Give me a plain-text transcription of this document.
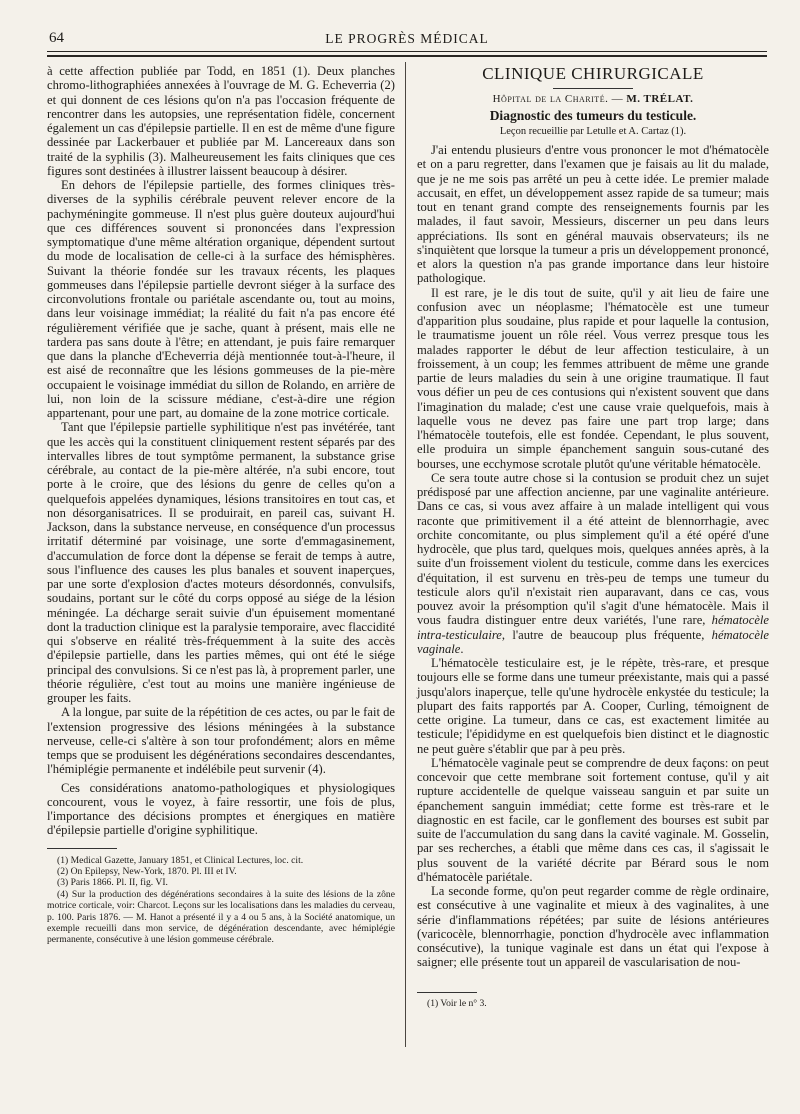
64	LE PROGRÈS MÉDICAL

à cette affection publiée par Todd, en 1851 (1). Deux planches chromo-lithographiées annexées à l'ouvrage de M. G. Echeverria (2) et qui donnent de ces lésions qu'on n'a pas l'occasion fréquente de rencontrer dans les autopsies, une représentation fidèle, concernent également un cas d'épilepsie partielle. Il en est de même d'une figure dessinée par Lackerbauer et publiée par M. Lancereaux dans son traité de la syphilis (3). Malheureusement les faits cliniques que ces figures sont destinées à illustrer laissent beaucoup à désirer.

En dehors de l'épilepsie partielle, des formes cliniques très-diverses de la syphilis cérébrale peuvent relever encore de la pachyméningite gommeuse. Il n'est plus guère douteux aujourd'hui que ces différences souvent si prononcées dans l'expression symptomatique d'une même altération organique, dépendent surtout du mode de localisation de celle-ci à la surface des hémisphères. Suivant la théorie fondée sur les travaux récents, les plaques gommeuses dans l'épilepsie partielle devront siéger à la surface des circonvolutions frontale ou pariétale ascendante ou, tout au moins, dans leur voisinage immédiat; la réalité du fait n'a pas encore été régulièrement vérifiée que je sache, quant à présent, mais elle ne tardera pas sans doute à l'être; en attendant, je puis faire remarquer que dans la planche d'Echeverria déjà mentionnée tout-à-l'heure, il est aisé de reconnaître que les lésions gommeuses de la pie-mère occupaient le voisinage immédiat du sillon de Rolando, en arrière de lui, non loin de la scissure médiane, c'est-à-dire une région appartenant, pour une part, au domaine de la zone motrice corticale.

Tant que l'épilepsie partielle syphilitique n'est pas invétérée, tant que les accès qui la constituent cliniquement restent séparés par des intervalles libres de tout symptôme permanent, la substance grise cérébrale, au contact de la pie-mère altérée, n'a subi encore, tout porte à le croire, que des lésions du genre de celles qu'on a quelquefois appelées dynamiques, lésions transitoires en tout cas, et non désorganisatrices. Il se produirait, en pareil cas, suivant H. Jackson, dans la substance nerveuse, en conséquence d'un processus irritatif déterminé par voisinage, une sorte d'emmagasinement, d'accumulation de force dont la dépense se ferait de temps à autre, sous l'influence des causes les plus banales et souvent inaperçues, par une sorte d'explosion d'actes moteurs désordonnés, convulsifs, soudains, portant sur le côté du corps opposé au siége de la lésion méningée. La décharge serait suivie d'un épuisement momentané dont la traduction clinique est la paralysie temporaire, avec flaccidité qui s'observe en réalité très-fréquemment à la suite des accès d'épilepsie partielle, dans les parties mêmes, qui ont été le siége principal des convulsions. Si ce n'est pas là, à proprement parler, une théorie régulière, c'est tout au moins une manière ingénieuse de grouper les faits.

A la longue, par suite de la répétition de ces actes, ou par le fait de l'extension progressive des lésions méningées à la substance nerveuse, celle-ci s'altère à son tour profondément; alors en même temps que se produisent les dégénérations secondaires descendantes, l'hémiplégie permanente et indélébile peut survenir (4).

Ces considérations anatomo-pathologiques et physiologiques concourent, vous le voyez, à faire ressortir, une fois de plus, l'importance des décisions promptes et énergiques en matière d'épilepsie partielle d'origine syphilitique.

(1) Medical Gazette, January 1851, et Clinical Lectures, loc. cit.

(2) On Epilepsy, New-York, 1870. Pl. III et IV.

(3) Paris 1866. Pl. II, fig. VI.

(4) Sur la production des dégénérations secondaires à la suite des lésions de la zône motrice corticale, voir: Charcot. Leçons sur les localisations dans les maladies du cerveau, p. 100. Paris 1876. — M. Hanot a présenté il y a 4 ou 5 ans, à la Société anatomique, un exemple recueilli dans mon service, de dégénération descendante, avec hémiplégie permanente, consécutive à une lésion gommeuse cérébrale.

CLINIQUE CHIRURGICALE
Hôpital de la Charité. — M. TRÉLAT.
Diagnostic des tumeurs du testicule.
Leçon recueillie par Letulle et A. Cartaz (1).

J'ai entendu plusieurs d'entre vous prononcer le mot d'hématocèle et on a paru regretter, dans l'examen que je faisais au lit du malade, que je ne me sois pas arrêté un peu à cette idée. Le premier malade accusait, en effet, un développement assez rapide de sa tumeur; mais tout en tenant grand compte des renseignements fournis par les malades, il faut savoir, Messieurs, discerner un peu dans leurs appréciations. Ils sont en général mauvais observateurs; ils ne s'inquiètent que lorsque la tumeur a pris un développement prononcé, et alors la question n'a pas grande importance dans leur histoire pathologique.

Il est rare, je le dis tout de suite, qu'il y ait lieu de faire une confusion avec un néoplasme; l'hématocèle est une tumeur d'apparition plus soudaine, plus rapide et pour laquelle la contusion, le traumatisme jouent un rôle réel. Vous verrez presque tous les malades rapporter le début de leur affection testiculaire, à un froissement, à un coup; les femmes attribuent de même une grande partie de leurs maladies du sein à une origine traumatique. Il faut vous défier un peu de ces contusions qui n'existent souvent que dans l'imagination du malade; c'est une cause vraie quelquefois, mais à laquelle vous ne devez pas faire une part trop large; dans l'hématocèle toutefois, elle est fondée. Cependant, le plus souvent, elle produira un simple épanchement sanguin sous-cutané des bourses, une ecchymose scrotale plutôt qu'une véritable hématocèle.

Ce sera toute autre chose si la contusion se produit chez un sujet prédisposé par une affection ancienne, par une vaginalite antérieure. Dans ce cas, si vous avez affaire à un malade intelligent qui vous raconte que primitivement il a été atteint de blennorrhagie, avec orchite concomitante, ou plus simplement qu'il a été opéré d'une hydrocèle, que plus tard, quelques mois, quelques années après, à la suite d'un froissement violent du testicule, comme dans les exercices d'équitation, il est survenu en très-peu de temps une tumeur du testicule alors qu'il n'existait rien auparavant, dans ce cas, vous pouvez avoir la présomption qu'il s'agit d'une hématocèle. Mais il vous faudra distinguer entre deux variétés, l'une rare, hématocèle intra-testiculaire, l'autre de beaucoup plus fréquente, hématocèle vaginale.

L'hématocèle testiculaire est, je le répète, très-rare, et presque toujours elle se forme dans une tumeur préexistante, mais qui a passé jusqu'alors inaperçue, telle qu'une hydrocèle enkystée du testicule; la plupart des faits rapportés par A. Cooper, Curling, témoignent de cette origine. La tumeur, dans ce cas, est exactement limitée au testicule; l'épididyme en est quelquefois bien distinct et le diagnostic ne peut guère s'établir que par à peu près.

L'hématocèle vaginale peut se comprendre de deux façons: on peut concevoir que cette membrane soit fortement contuse, qu'il y ait rupture accidentelle de quelque vaisseau sanguin et par suite un épanchement sanguin immédiat; cette forme est très-rare et le diagnostic en est facile, car le gonflement des bourses est subit par suite de l'accumulation du sang dans la cavité vaginale. M. Gosselin, par ses recherches, a établi que même dans ces cas, il s'agissait le plus souvent de la variété décrite par Bérard sous le nom d'hématocèle pariétale.

La seconde forme, qu'on peut regarder comme de règle ordinaire, est consécutive à une vaginalite et mieux à des vaginalites, à une série d'inflammations répétées; par suite de lésions antérieures (varicocèle, blennorrhagie, ponction d'hydrocèle avec inflammation consécutive), la tunique vaginale est dans un état qui l'expose à saigner; elle présente tout un appareil de vascularisation de nou-

(1) Voir le n° 3.
